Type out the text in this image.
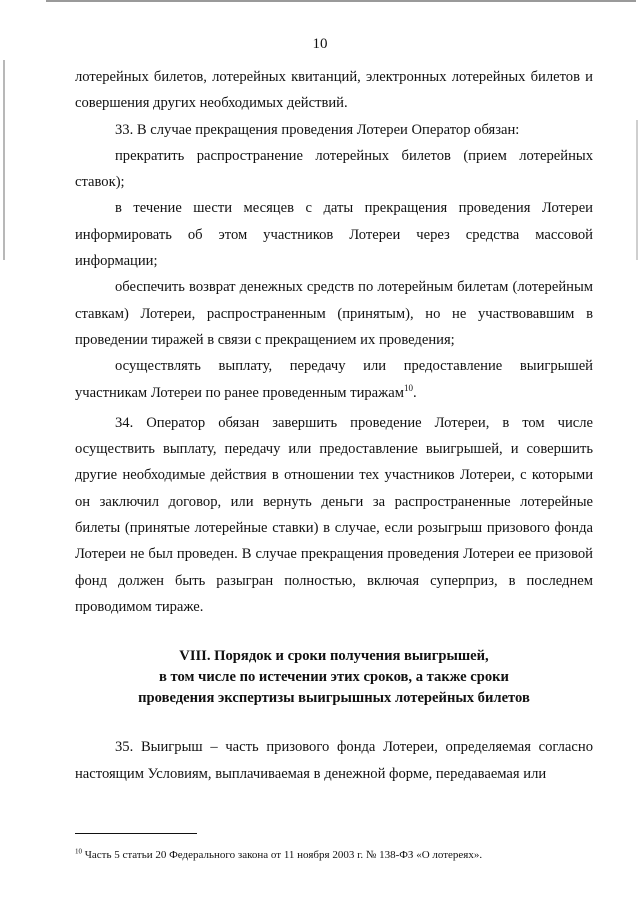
10

лотерейных билетов, лотерейных квитанций, электронных лотерейных билетов и совершения других необходимых действий.

33. В случае прекращения проведения Лотереи Оператор обязан:

прекратить распространение лотерейных билетов (прием лотерейных ставок);

в течение шести месяцев с даты прекращения проведения Лотереи информировать об этом участников Лотереи через средства массовой информации;

обеспечить возврат денежных средств по лотерейным билетам (лотерейным ставкам) Лотереи, распространенным (принятым), но не участвовавшим в проведении тиражей в связи с прекращением их проведения;

осуществлять выплату, передачу или предоставление выигрышей участникам Лотереи по ранее проведенным тиражам$^{10}$.

34. Оператор обязан завершить проведение Лотереи, в том числе осуществить выплату, передачу или предоставление выигрышей, и совершить другие необходимые действия в отношении тех участников Лотереи, с которыми он заключил договор, или вернуть деньги за распространенные лотерейные билеты (принятые лотерейные ставки) в случае, если розыгрыш призового фонда Лотереи не был проведен. В случае прекращения проведения Лотереи ее призовой фонд должен быть разыгран полностью, включая суперприз, в последнем проводимом тираже.

VIII. Порядок и сроки получения выигрышей,
в том числе по истечении этих сроков, а также сроки
проведения экспертизы выигрышных лотерейных билетов

35. Выигрыш – часть призового фонда Лотереи, определяемая согласно настоящим Условиям, выплачиваемая в денежной форме, передаваемая или

$^{10}$ Часть 5 статьи 20 Федерального закона от 11 ноября 2003 г. № 138-ФЗ «О лотереях».
